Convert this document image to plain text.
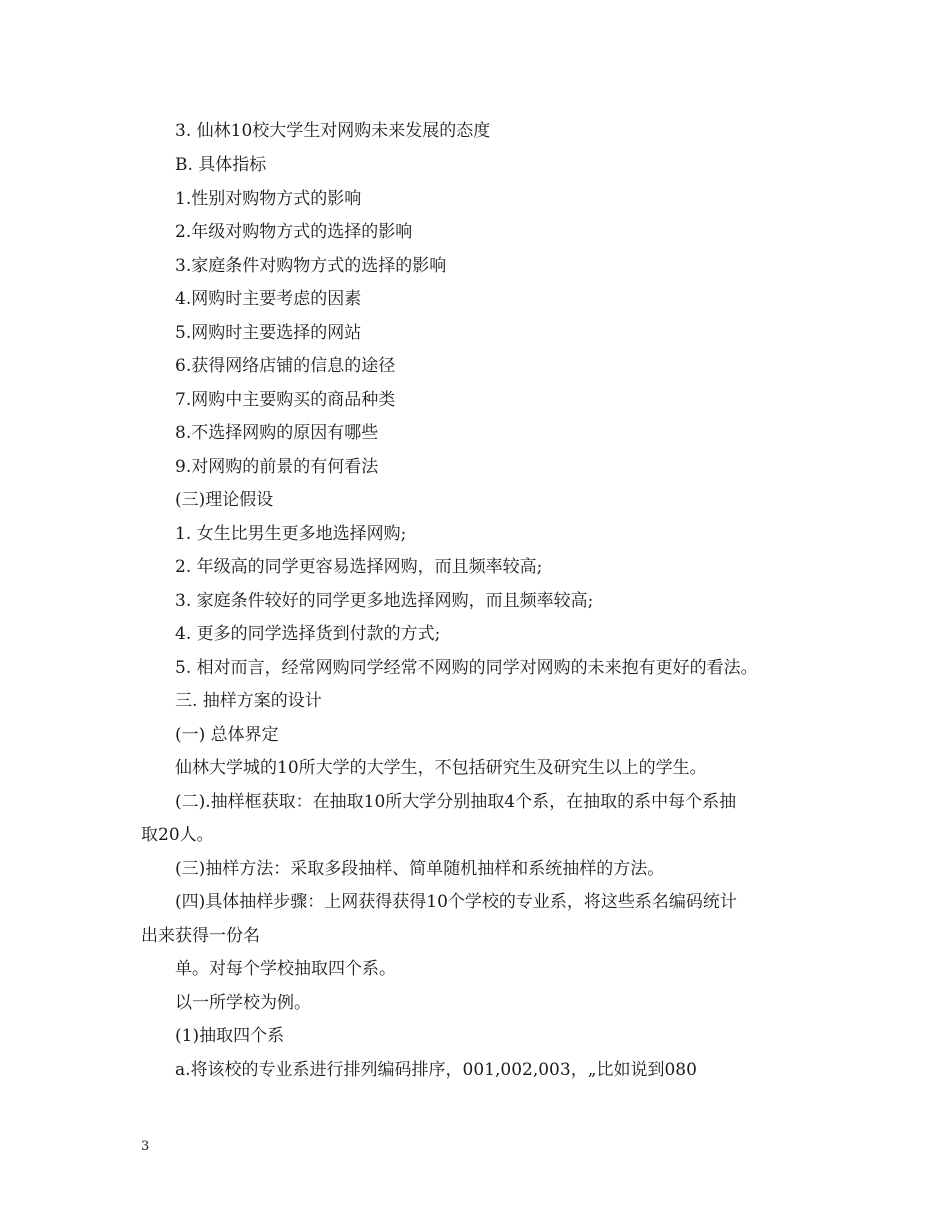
3. 仙林10校大学生对网购未来发展的态度
B. 具体指标
1.性别对购物方式的影响
2.年级对购物方式的选择的影响
3.家庭条件对购物方式的选择的影响
4.网购时主要考虑的因素
5.网购时主要选择的网站
6.获得网络店铺的信息的途径
7.网购中主要购买的商品种类
8.不选择网购的原因有哪些
9.对网购的前景的有何看法
(三)理论假设
1. 女生比男生更多地选择网购;
2. 年级高的同学更容易选择网购，而且频率较高;
3. 家庭条件较好的同学更多地选择网购，而且频率较高;
4. 更多的同学选择货到付款的方式;
5. 相对而言，经常网购同学经常不网购的同学对网购的未来抱有更好的看法。
三. 抽样方案的设计
(一) 总体界定
仙林大学城的10所大学的大学生，不包括研究生及研究生以上的学生。
(二).抽样框获取：在抽取10所大学分别抽取4个系，在抽取的系中每个系抽
取20人。
(三)抽样方法：采取多段抽样、简单随机抽样和系统抽样的方法。
(四)具体抽样步骤：上网获得获得10个学校的专业系，将这些系名编码统计
出来获得一份名
单。对每个学校抽取四个系。
以一所学校为例。
(1)抽取四个系
a.将该校的专业系进行排列编码排序，001,002,003，„比如说到080
3
